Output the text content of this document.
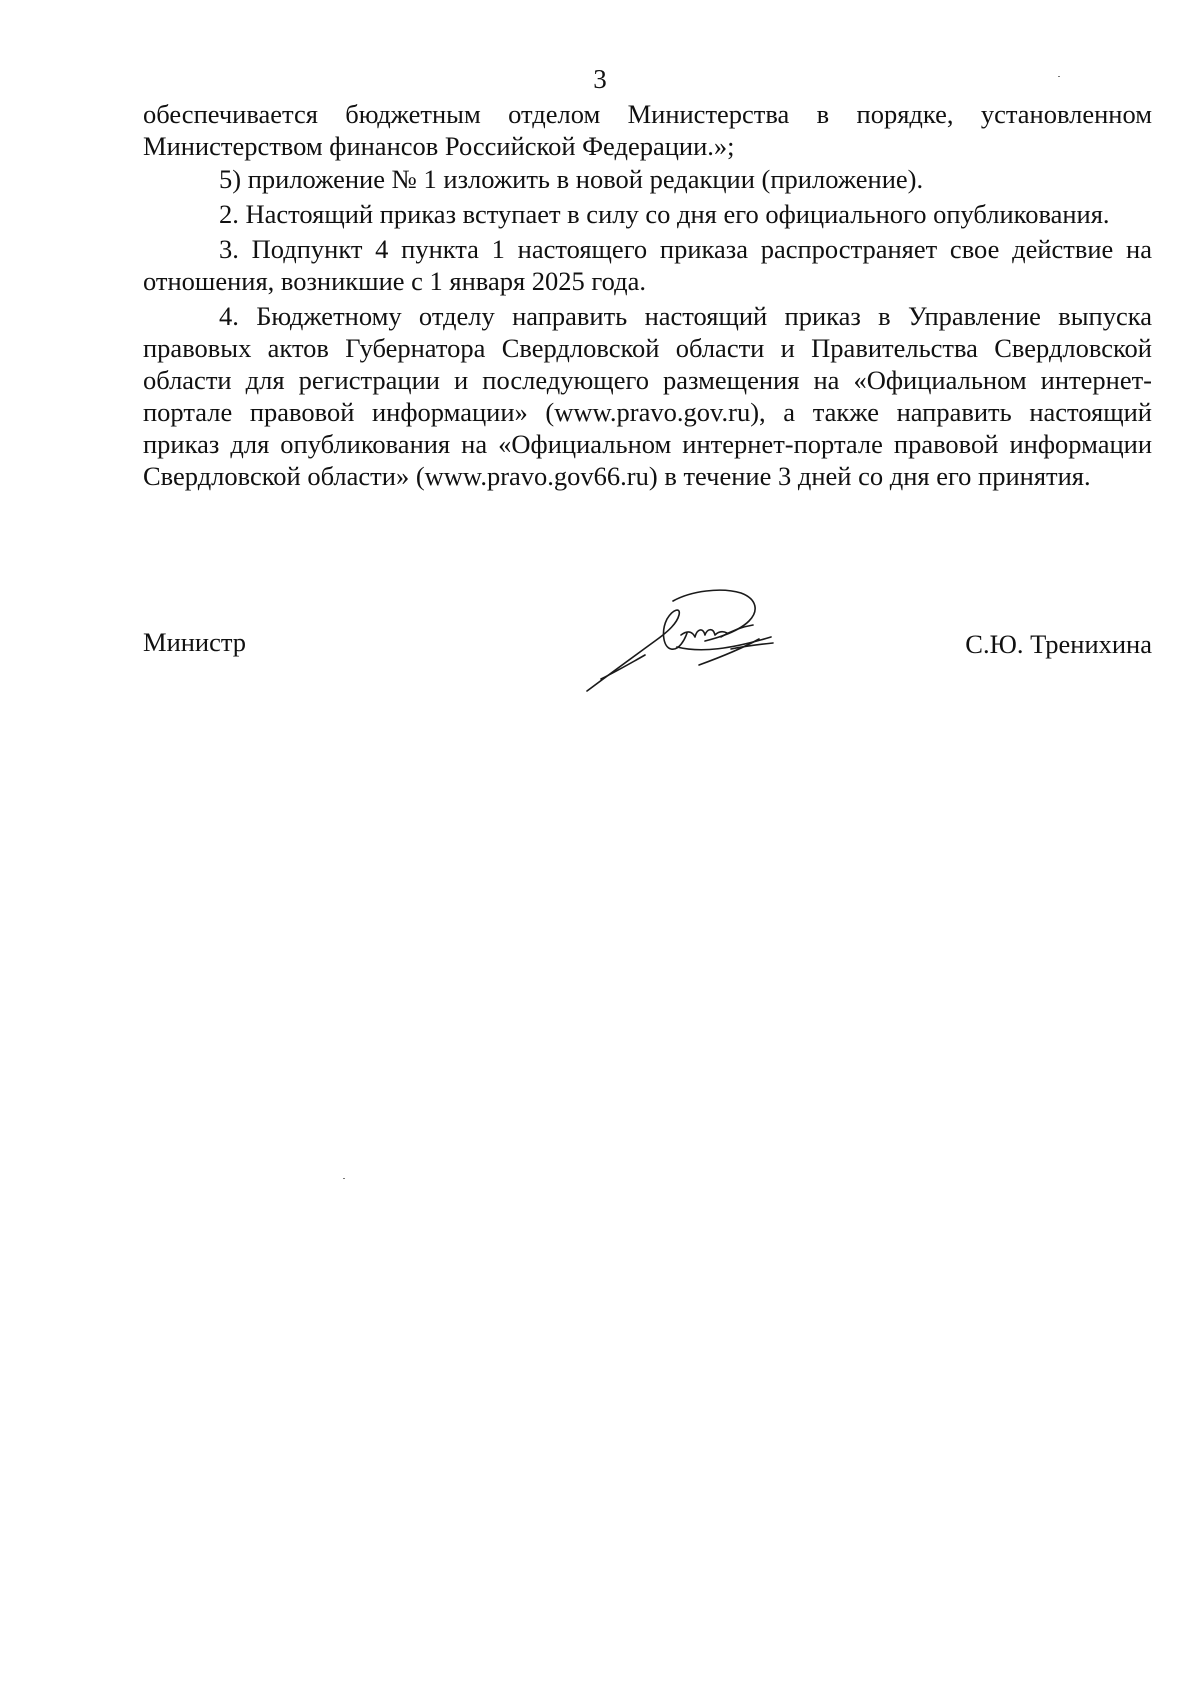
3

обеспечивается бюджетным отделом Министерства в порядке, установленном Министерством финансов Российской Федерации.»;

5) приложение № 1 изложить в новой редакции (приложение).

2. Настоящий приказ вступает в силу со дня его официального опубликования.

3. Подпункт 4 пункта 1 настоящего приказа распространяет свое действие на отношения, возникшие с 1 января 2025 года.

4. Бюджетному отделу направить настоящий приказ в Управление выпуска правовых актов Губернатора Свердловской области и Правительства Свердловской области для регистрации и последующего размещения на «Официальном интернет-портале правовой информации» (www.pravo.gov.ru), а также направить настоящий приказ для опубликования на «Официальном интернет-портале правовой информации Свердловской области» (www.pravo.gov66.ru) в течение 3 дней со дня его принятия.

Министр	С.Ю. Тренихина
